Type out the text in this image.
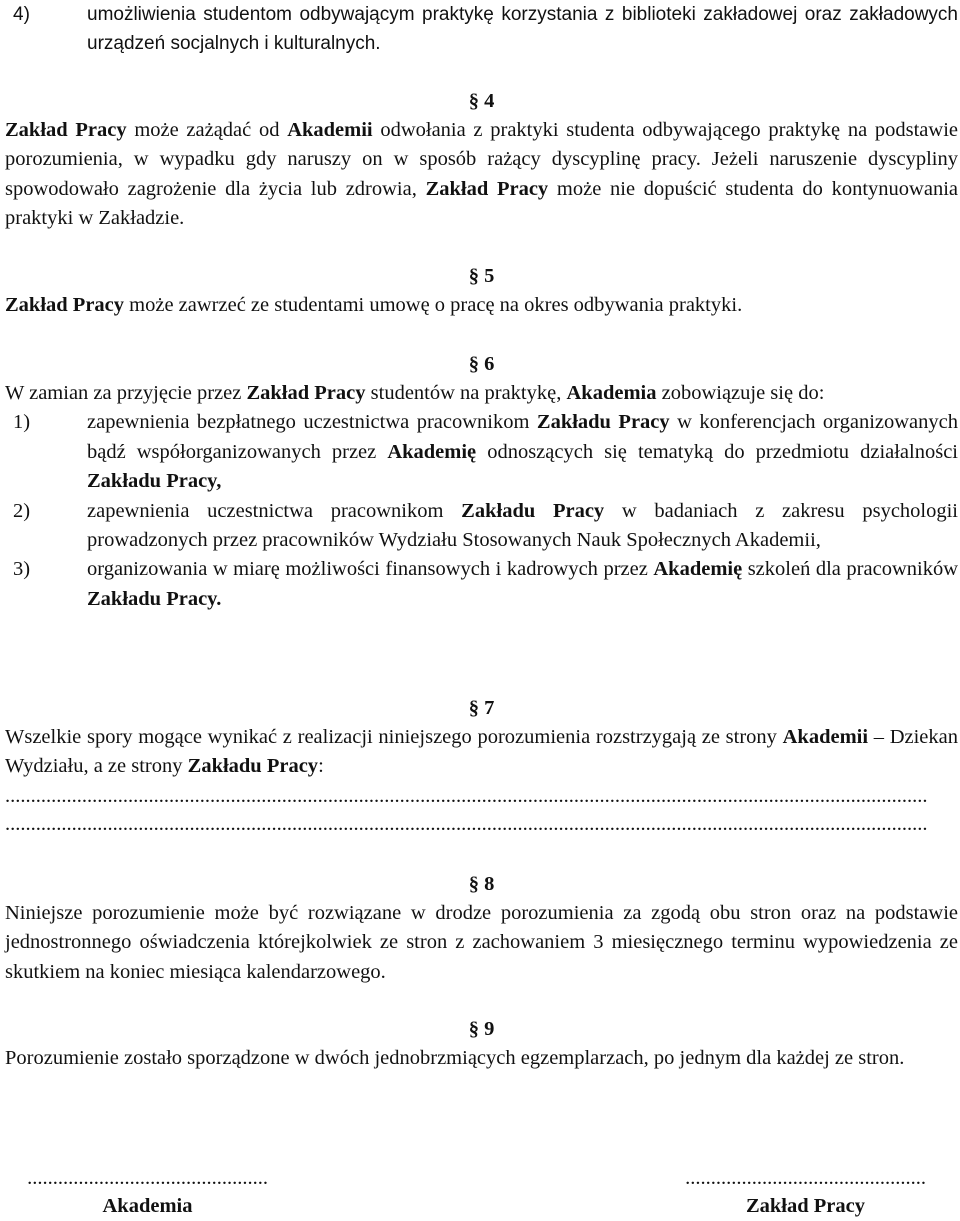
4)	umożliwienia studentom odbywającym praktykę korzystania z biblioteki zakładowej oraz zakładowych urządzeń socjalnych i kulturalnych.
§ 4
Zakład Pracy może zażądać od Akademii odwołania z praktyki studenta odbywającego praktykę na podstawie porozumienia, w wypadku gdy naruszy on w sposób rażący dyscyplinę pracy. Jeżeli naruszenie dyscypliny spowodowało zagrożenie dla życia lub zdrowia, Zakład Pracy może nie dopuścić studenta do kontynuowania praktyki w Zakładzie.
§ 5
Zakład Pracy może zawrzeć ze studentami umowę o pracę na okres odbywania praktyki.
§ 6
W zamian za przyjęcie przez Zakład Pracy studentów na praktykę, Akademia zobowiązuje się do:
1)	zapewnienia bezpłatnego uczestnictwa pracownikom Zakładu Pracy w konferencjach organizowanych bądź współorganizowanych przez Akademię odnoszących się tematyką do przedmiotu działalności Zakładu Pracy,
2)	zapewnienia uczestnictwa pracownikom Zakładu Pracy w badaniach z zakresu psychologii prowadzonych przez pracowników Wydziału Stosowanych Nauk Społecznych Akademii,
3)	organizowania w miarę możliwości finansowych i kadrowych przez Akademię szkoleń dla pracowników Zakładu Pracy.
§ 7
Wszelkie spory mogące wynikać z realizacji niniejszego porozumienia rozstrzygają ze strony Akademii – Dziekan Wydziału, a ze strony Zakładu Pracy:
....................................................................................................................................................................................
....................................................................................................................................................................................
§ 8
Niniejsze porozumienie może być rozwiązane w drodze porozumienia za zgodą obu stron oraz na podstawie jednostronnego oświadczenia którejkolwiek ze stron z zachowaniem 3 miesięcznego terminu wypowiedzenia ze skutkiem na koniec miesiąca kalendarzowego.
§ 9
Porozumienie zostało sporządzone w dwóch jednobrzmiących egzemplarzach, po jednym dla każdej ze stron.
...............................................
Akademia
...............................................
Zakład Pracy
